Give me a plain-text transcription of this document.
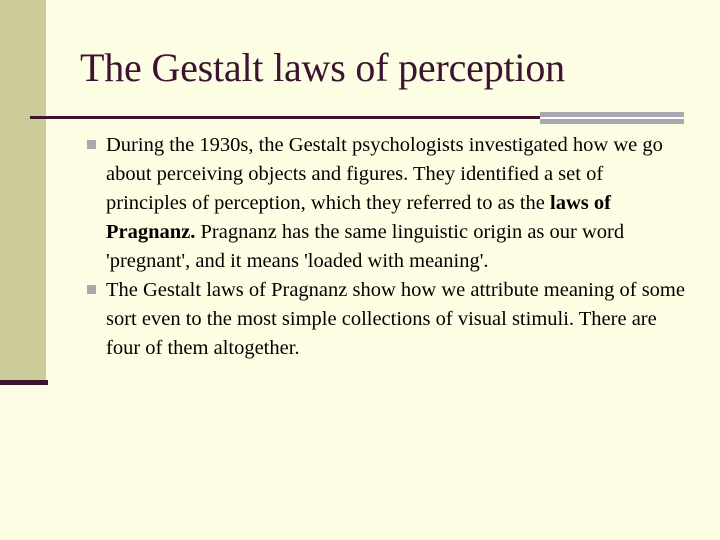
The Gestalt laws of perception
During the 1930s, the Gestalt psychologists investigated how we go about perceiving objects and figures. They identified a set of principles of perception, which they referred to as the laws of Pragnanz. Pragnanz has the same linguistic origin as our word 'pregnant', and it means 'loaded with meaning'.
The Gestalt laws of Pragnanz show how we attribute meaning of some sort even to the most simple collections of visual stimuli. There are four of them altogether.
